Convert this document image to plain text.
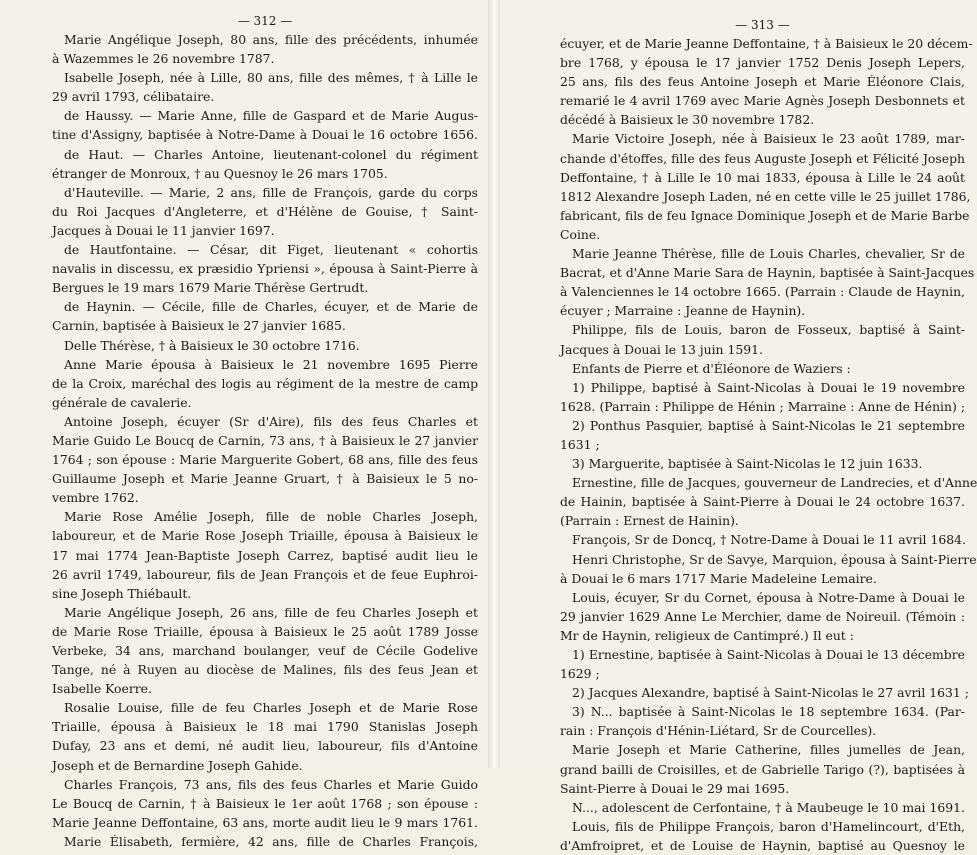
— 312 —
Marie Angélique Joseph, 80 ans, fille des précédents, inhumée
à Wazemmes le 26 novembre 1787.
Isabelle Joseph, née à Lille, 80 ans, fille des mêmes, † à Lille le
29 avril 1793, célibataire.
de Haussy. — Marie Anne, fille de Gaspard et de Marie Augus-
tine d'Assigny, baptisée à Notre-Dame à Douai le 16 octobre 1656.
de Haut. — Charles Antoine, lieutenant-colonel du régiment
étranger de Monroux, † au Quesnoy le 26 mars 1705.
d'Hauteville. — Marie, 2 ans, fille de François, garde du corps
du Roi Jacques d'Angleterre, et d'Hélène de Gouise, † Saint-
Jacques à Douai le 11 janvier 1697.
de Hautfontaine. — César, dit Figet, lieutenant « cohortis
navalis in discessu, ex præsidio Ypriensi », épousa à Saint-Pierre à
Bergues le 19 mars 1679 Marie Thérèse Gertrudt.
de Haynin. — Cécile, fille de Charles, écuyer, et de Marie de
Carnin, baptisée à Baisieux le 27 janvier 1685.
Delle Thérèse, † à Baisieux le 30 octobre 1716.
Anne Marie épousa à Baisieux le 21 novembre 1695 Pierre
de la Croix, maréchal des logis au régiment de la mestre de camp
générale de cavalerie.
Antoine Joseph, écuyer (Sr d'Aire), fils des feus Charles et
Marie Guido Le Boucq de Carnin, 73 ans, † à Baisieux le 27 janvier
1764 ; son épouse : Marie Marguerite Gobert, 68 ans, fille des feus
Guillaume Joseph et Marie Jeanne Gruart, † à Baisieux le 5 no-
vembre 1762.
Marie Rose Amélie Joseph, fille de noble Charles Joseph,
laboureur, et de Marie Rose Joseph Triaille, épousa à Baisieux le
17 mai 1774 Jean-Baptiste Joseph Carrez, baptisé audit lieu le
26 avril 1749, laboureur, fils de Jean François et de feue Euphroi-
sine Joseph Thiébault.
Marie Angélique Joseph, 26 ans, fille de feu Charles Joseph et
de Marie Rose Triaille, épousa à Baisieux le 25 août 1789 Josse
Verbeke, 34 ans, marchand boulanger, veuf de Cécile Godelive
Tange, né à Ruyen au diocèse de Malines, fils des feus Jean et
Isabelle Koerre.
Rosalie Louise, fille de feu Charles Joseph et de Marie Rose
Triaille, épousa à Baisieux le 18 mai 1790 Stanislas Joseph
Dufay, 23 ans et demi, né audit lieu, laboureur, fils d'Antoine
Joseph et de Bernardine Joseph Gahide.
Charles François, 73 ans, fils des feus Charles et Marie Guido
Le Boucq de Carnin, † à Baisieux le 1er août 1768 ; son épouse :
Marie Jeanne Deffontaine, 63 ans, morte audit lieu le 9 mars 1761.
Marie Élisabeth, fermière, 42 ans, fille de Charles François,
— 313 —
écuyer, et de Marie Jeanne Deffontaine, † à Baisieux le 20 décem-
bre 1768, y épousa le 17 janvier 1752 Denis Joseph Lepers,
25 ans, fils des feus Antoine Joseph et Marie Éléonore Clais,
remarié le 4 avril 1769 avec Marie Agnès Joseph Desbonnets et
décédé à Baisieux le 30 novembre 1782.
Marie Victoire Joseph, née à Baisieux le 23 août 1789, mar-
chande d'étoffes, fille des feus Auguste Joseph et Félicité Joseph
Deffontaine, † à Lille le 10 mai 1833, épousa à Lille le 24 août
1812 Alexandre Joseph Laden, né en cette ville le 25 juillet 1786,
fabricant, fils de feu Ignace Dominique Joseph et de Marie Barbe
Coine.
Marie Jeanne Thérèse, fille de Louis Charles, chevalier, Sr de
Bacrat, et d'Anne Marie Sara de Haynin, baptisée à Saint-Jacques
à Valenciennes le 14 octobre 1665. (Parrain : Claude de Haynin,
écuyer ; Marraine : Jeanne de Haynin).
Philippe, fils de Louis, baron de Fosseux, baptisé à Saint-
Jacques à Douai le 13 juin 1591.
Enfants de Pierre et d'Éléonore de Waziers :
1) Philippe, baptisé à Saint-Nicolas à Douai le 19 novembre
1628. (Parrain : Philippe de Hénin ; Marraine : Anne de Hénin) ;
2) Ponthus Pasquier, baptisé à Saint-Nicolas le 21 septembre
1631 ;
3) Marguerite, baptisée à Saint-Nicolas le 12 juin 1633.
Ernestine, fille de Jacques, gouverneur de Landrecies, et d'Anne
de Hainin, baptisée à Saint-Pierre à Douai le 24 octobre 1637.
(Parrain : Ernest de Hainin).
François, Sr de Doncq, † Notre-Dame à Douai le 11 avril 1684.
Henri Christophe, Sr de Savye, Marquion, épousa à Saint-Pierre
à Douai le 6 mars 1717 Marie Madeleine Lemaire.
Louis, écuyer, Sr du Cornet, épousa à Notre-Dame à Douai le
29 janvier 1629 Anne Le Merchier, dame de Noireuil. (Témoin :
Mr de Haynin, religieux de Cantimpré.) Il eut :
1) Ernestine, baptisée à Saint-Nicolas à Douai le 13 décembre
1629 ;
2) Jacques Alexandre, baptisé à Saint-Nicolas le 27 avril 1631 ;
3) N... baptisée à Saint-Nicolas le 18 septembre 1634. (Par-
rain : François d'Hénin-Liétard, Sr de Courcelles).
Marie Joseph et Marie Catherine, filles jumelles de Jean,
grand bailli de Croisilles, et de Gabrielle Tarigo (?), baptisées à
Saint-Pierre à Douai le 29 mai 1695.
N..., adolescent de Cerfontaine, † à Maubeuge le 10 mai 1691.
Louis, fils de Philippe François, baron d'Hamelincourt, d'Eth,
d'Amfroipret, et de Louise de Haynin, baptisé au Quesnoy le
